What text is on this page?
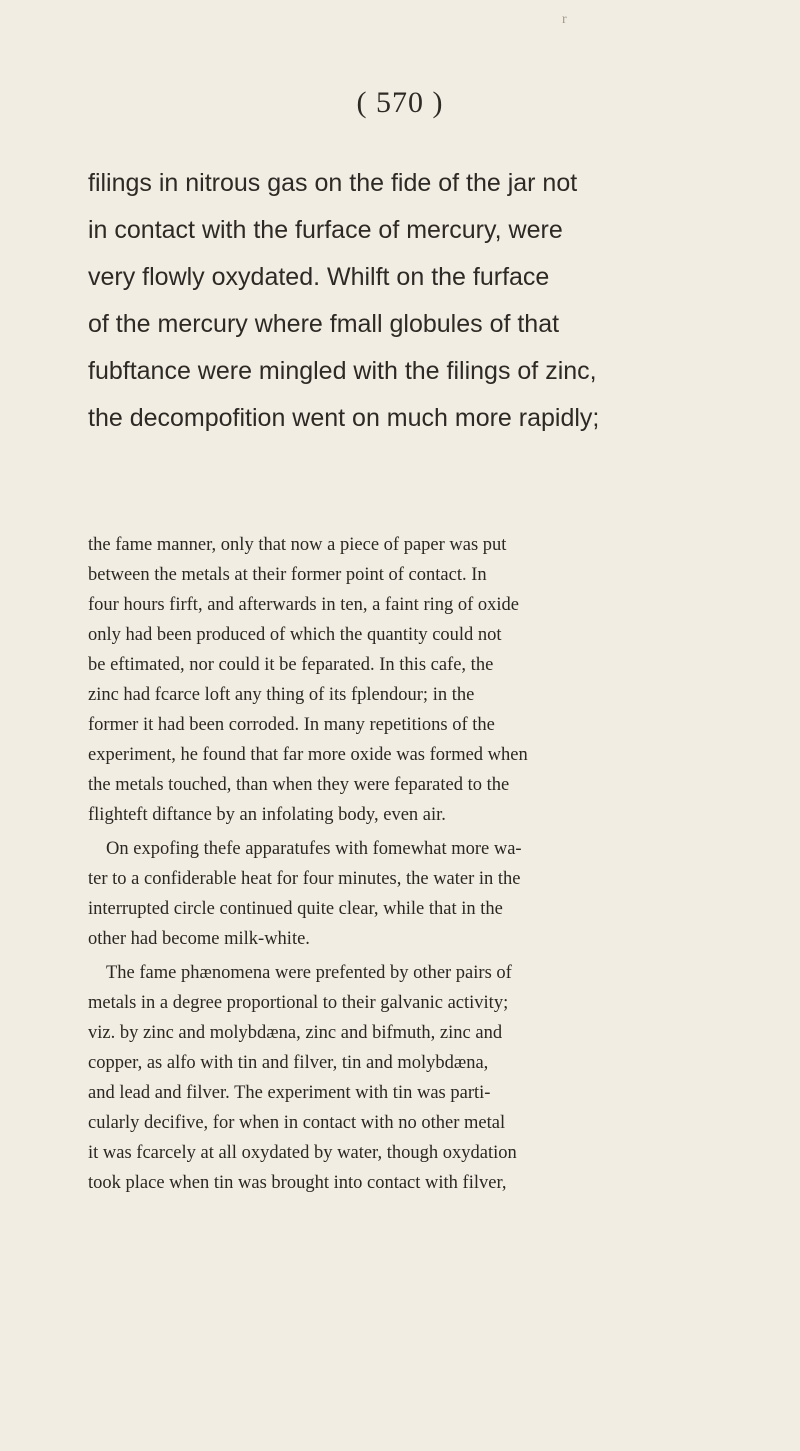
r
( 570 )
filings in nitrous gas on the fide of the jar not
in contact with the furface of mercury, were
very flowly oxydated. Whilft on the furface
of the mercury where fmall globules of that
fubftance were mingled with the filings of zinc,
the decompofition went on much more rapidly;
the fame manner, only that now a piece of paper was put
between the metals at their former point of contact. In
four hours firft, and afterwards in ten, a faint ring of oxide
only had been produced of which the quantity could not
be eftimated, nor could it be feparated. In this cafe, the
zinc had fcarce loft any thing of its fplendour; in the
former it had been corroded. In many repetitions of the
experiment, he found that far more oxide was formed when
the metals touched, than when they were feparated to the
flighteft diftance by an infolating body, even air.
On expofing thefe apparatufes with fomewhat more wa-
ter to a confiderable heat for four minutes, the water in the
interrupted circle continued quite clear, while that in the
other had become milk-white.
The fame phænomena were prefented by other pairs of
metals in a degree proportional to their galvanic activity;
viz. by zinc and molybdæna, zinc and bifmuth, zinc and
copper, as alfo with tin and filver, tin and molybdæna,
and lead and filver. The experiment with tin was parti-
cularly decifive, for when in contact with no other metal
it was fcarcely at all oxydated by water, though oxydation
took place when tin was brought into contact with filver,
